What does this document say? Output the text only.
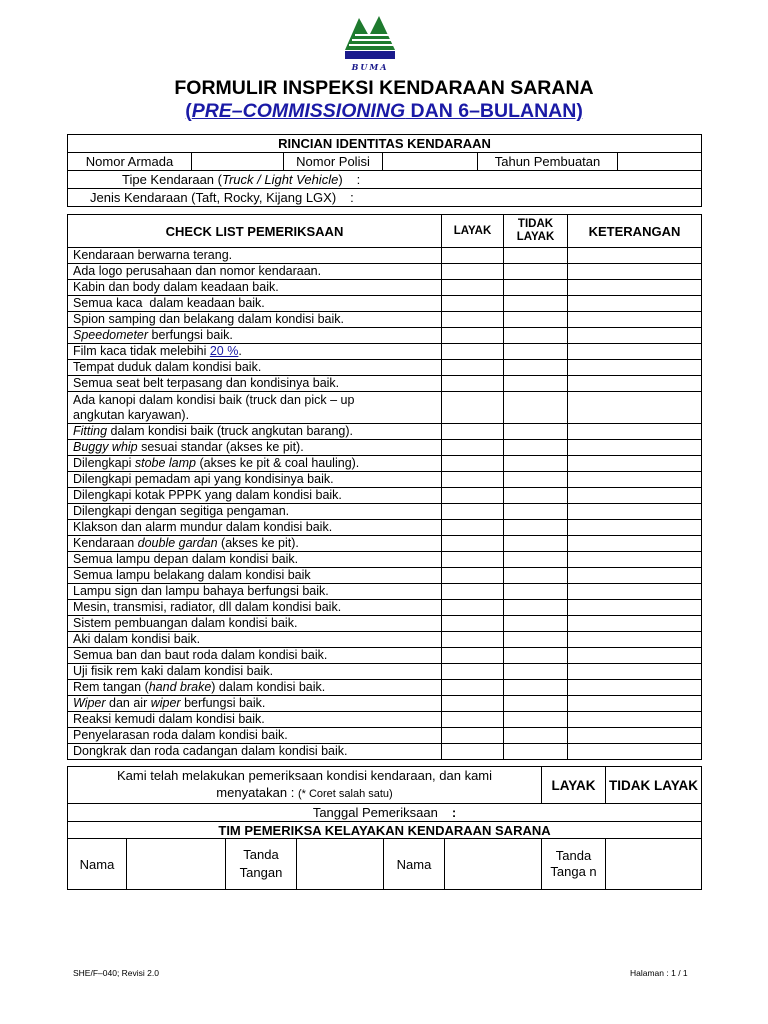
BUMA
FORMULIR INSPEKSI KENDARAAN SARANA
(PRE–COMMISSIONING DAN 6–BULANAN)
RINCIAN IDENTITAS KENDARAAN
Nomor Armada		Nomor Polisi		Tahun Pembuatan	
Tipe Kendaraan (Truck / Light Vehicle) :
Jenis Kendaraan (Taft, Rocky, Kijang LGX) :
CHECK LIST PEMERIKSAAN	LAYAK	TIDAK LAYAK	KETERANGAN
Kendaraan berwarna terang.			
Ada logo perusahaan dan nomor kendaraan.			
Kabin dan body dalam keadaan baik.			
Semua kaca  dalam keadaan baik.			
Spion samping dan belakang dalam kondisi baik.			
Speedometer berfungsi baik.			
Film kaca tidak melebihi 20 %.			
Tempat duduk dalam kondisi baik.			
Semua seat belt terpasang dan kondisinya baik.			
Ada kanopi dalam kondisi baik (truck dan pick – up angkutan karyawan).			
Fitting dalam kondisi baik (truck angkutan barang).			
Buggy whip sesuai standar (akses ke pit).			
Dilengkapi stobe lamp (akses ke pit & coal hauling).			
Dilengkapi pemadam api yang kondisinya baik.			
Dilengkapi kotak PPPK yang dalam kondisi baik.			
Dilengkapi dengan segitiga pengaman.			
Klakson dan alarm mundur dalam kondisi baik.			
Kendaraan double gardan (akses ke pit).			
Semua lampu depan dalam kondisi baik.			
Semua lampu belakang dalam kondisi baik			
Lampu sign dan lampu bahaya berfungsi baik.			
Mesin, transmisi, radiator, dll dalam kondisi baik.			
Sistem pembuangan dalam kondisi baik.			
Aki dalam kondisi baik.			
Semua ban dan baut roda dalam kondisi baik.			
Uji fisik rem kaki dalam kondisi baik.			
Rem tangan (hand brake) dalam kondisi baik.			
Wiper dan air wiper berfungsi baik.			
Reaksi kemudi dalam kondisi baik.			
Penyelarasan roda dalam kondisi baik.			
Dongkrak dan roda cadangan dalam kondisi baik.			
Kami telah melakukan pemeriksaan kondisi kendaraan, dan kami
menyatakan : (* Coret salah satu)						LAYAK	TIDAK LAYAK
Tanggal Pemeriksaan :							
TIM PEMERIKSA KELAYAKAN KENDARAAN SARANA							
Nama		Tanda Tangan		Nama		Tanda Tanga n	
SHE/F–040; Revisi 2.0	Halaman : 1 / 1
